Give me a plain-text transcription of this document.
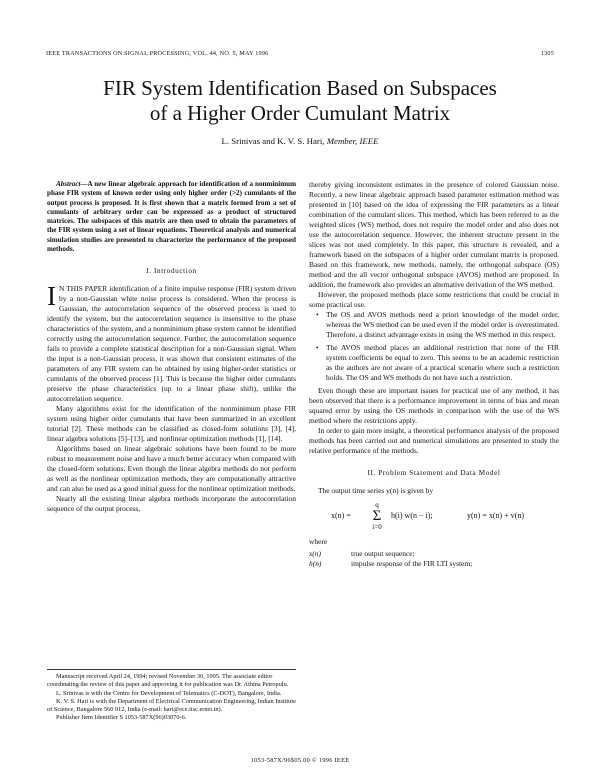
IEEE TRANSACTIONS ON SIGNAL PROCESSING, VOL. 44, NO. 5, MAY 1996	1305
FIR System Identification Based on Subspaces
of a Higher Order Cumulant Matrix
L. Srinivas and K. V. S. Hari, Member, IEEE

Abstract—A new linear algebraic approach for identification of a nonminimum phase FIR system of known order using only higher order (>2) cumulants of the output process is proposed. It is first shown that a matrix formed from a set of cumulants of arbitrary order can be expressed as a product of structured matrices. The subspaces of this matrix are then used to obtain the parameters of the FIR system using a set of linear equations. Theoretical analysis and numerical simulation studies are presented to characterize the performance of the proposed methods.

I. Introduction

I N THIS PAPER identification of a finite impulse response (FIR) system driven by a non-Gaussian white noise process is considered. When the process is Gaussian, the autocorrelation sequence of the observed process is used to identify the system, but the autocorrelation sequence is insensitive to the phase characteristics of the system, and a nonminimum phase system cannot be identified correctly using the autocorrelation sequence. Further, the autocorrelation sequence fails to provide a complete statistical description for a non-Gaussian signal. When the input is a non-Gaussian process, it was shown that consistent estimates of the parameters of any FIR system can be obtained by using higher-order statistics or cumulants of the observed process [1]. This is because the higher order cumulants preserve the phase characteristics (up to a linear phase shift), unlike the autocorrelation sequence.

Many algorithms exist for the identification of the nonminimum phase FIR system using higher order cumulants that have been summarized in an excellent tutorial [2]. These methods can be classified as closed-form solutions [3], [4], linear algebra solutions [5]–[13], and nonlinear optimization methods [1], [14].

Algorithms based on linear algebraic solutions have been found to be more robust to measurement noise and have a much better accuracy when compared with the closed-form solutions. Even though the linear algebra methods do not perform as well as the nonlinear optimization methods, they are computationally attractive and can also be used as a good initial guess for the nonlinear optimization methods.

Nearly all the existing linear algebra methods incorporate the autocorrelation sequence of the output process,

Manuscript received April 24, 1994; revised November 30, 1995. The associate editor coordinating the review of this paper and approving it for publication was Dr. Athina Petropulu.

L. Srinivas is with the Centre for Development of Telematics (C-DOT), Bangalore, India.

K. V. S. Hari is with the Department of Electrical Communication Engineering, Indian Institute of Science, Bangalore 560 012, India (e-mail: hari@ece.iisc.ernet.in).

Publisher Item Identifier S 1053-587X(96)03070-6.

thereby giving inconsistent estimates in the presence of colored Gaussian noise. Recently, a new linear algebraic approach based parameter estimation method was presented in [10] based on the idea of expressing the FIR parameters as a linear combination of the cumulant slices. This method, which has been referred to as the weighted slices (WS) method, does not require the model order and also does not use the autocorrelation sequence. However, the inherent structure present in the slices was not used completely. In this paper, this structure is revealed, and a framework based on the subspaces of a higher order cumulant matrix is proposed. Based on this framework, new methods, namely, the orthogonal subspace (OS) method and the all vector orthogonal subspace (AVOS) method are proposed. In addition, the framework also provides an alternative derivation of the WS method.

However, the proposed methods place some restrictions that could be crucial in some practical use.

• The OS and AVOS methods need a priori knowledge of the model order, whereas the WS method can be used even if the model order is overestimated. Therefore, a distinct advantage exists in using the WS method in this respect.
• The AVOS method places an additional restriction that none of the FIR system coefficients be equal to zero. This seems to be an academic restriction as the authors are not aware of a practical scenario where such a restriction holds. The OS and WS methods do not have such a restriction.

Even though these are important issues for practical use of any method, it has been observed that there is a performance improvement in terms of bias and mean squared error by using the OS methods in comparison with the use of the WS method where the restrictions apply.

In order to gain more insight, a theoretical performance analysis of the proposed methods has been carried out and numerical simulations are presented to study the relative performance of the methods.

II. Problem Statement and Data Model

The output time series y(n) is given by

x(n) =
q
Σ
i=0
h(i) w(n − i);	y(n) = x(n) + v(n)
where
x(n)	true output sequence;
h(n)	impulse response of the FIR LTI system;
1053-587X/96$05.00 © 1996 IEEE
